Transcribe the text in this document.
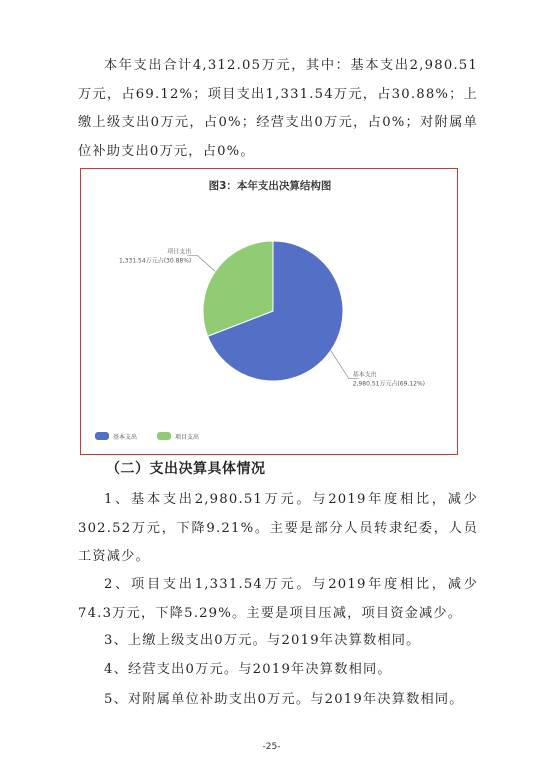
本年支出合计4,312.05万元，其中：基本支出2,980.51万元，占69.12%；项目支出1,331.54万元，占30.88%；上缴上级支出0万元，占0%；经营支出0万元，占0%；对附属单位补助支出0万元，占0%。

图3：本年支出决算结构图
基本支出
2,980.51万元占(69.12%)
项目支出
1,331.54万元占(30.88%)
基本支出	项目支出

（二）支出决算具体情况

1、基本支出2,980.51万元。与2019年度相比，减少302.52万元，下降9.21%。主要是部分人员转隶纪委，人员工资减少。

2、项目支出1,331.54万元。与2019年度相比，减少74.3万元，下降5.29%。主要是项目压减，项目资金减少。

3、上缴上级支出0万元。与2019年决算数相同。

4、经营支出0万元。与2019年决算数相同。

5、对附属单位补助支出0万元。与2019年决算数相同。

-25-
